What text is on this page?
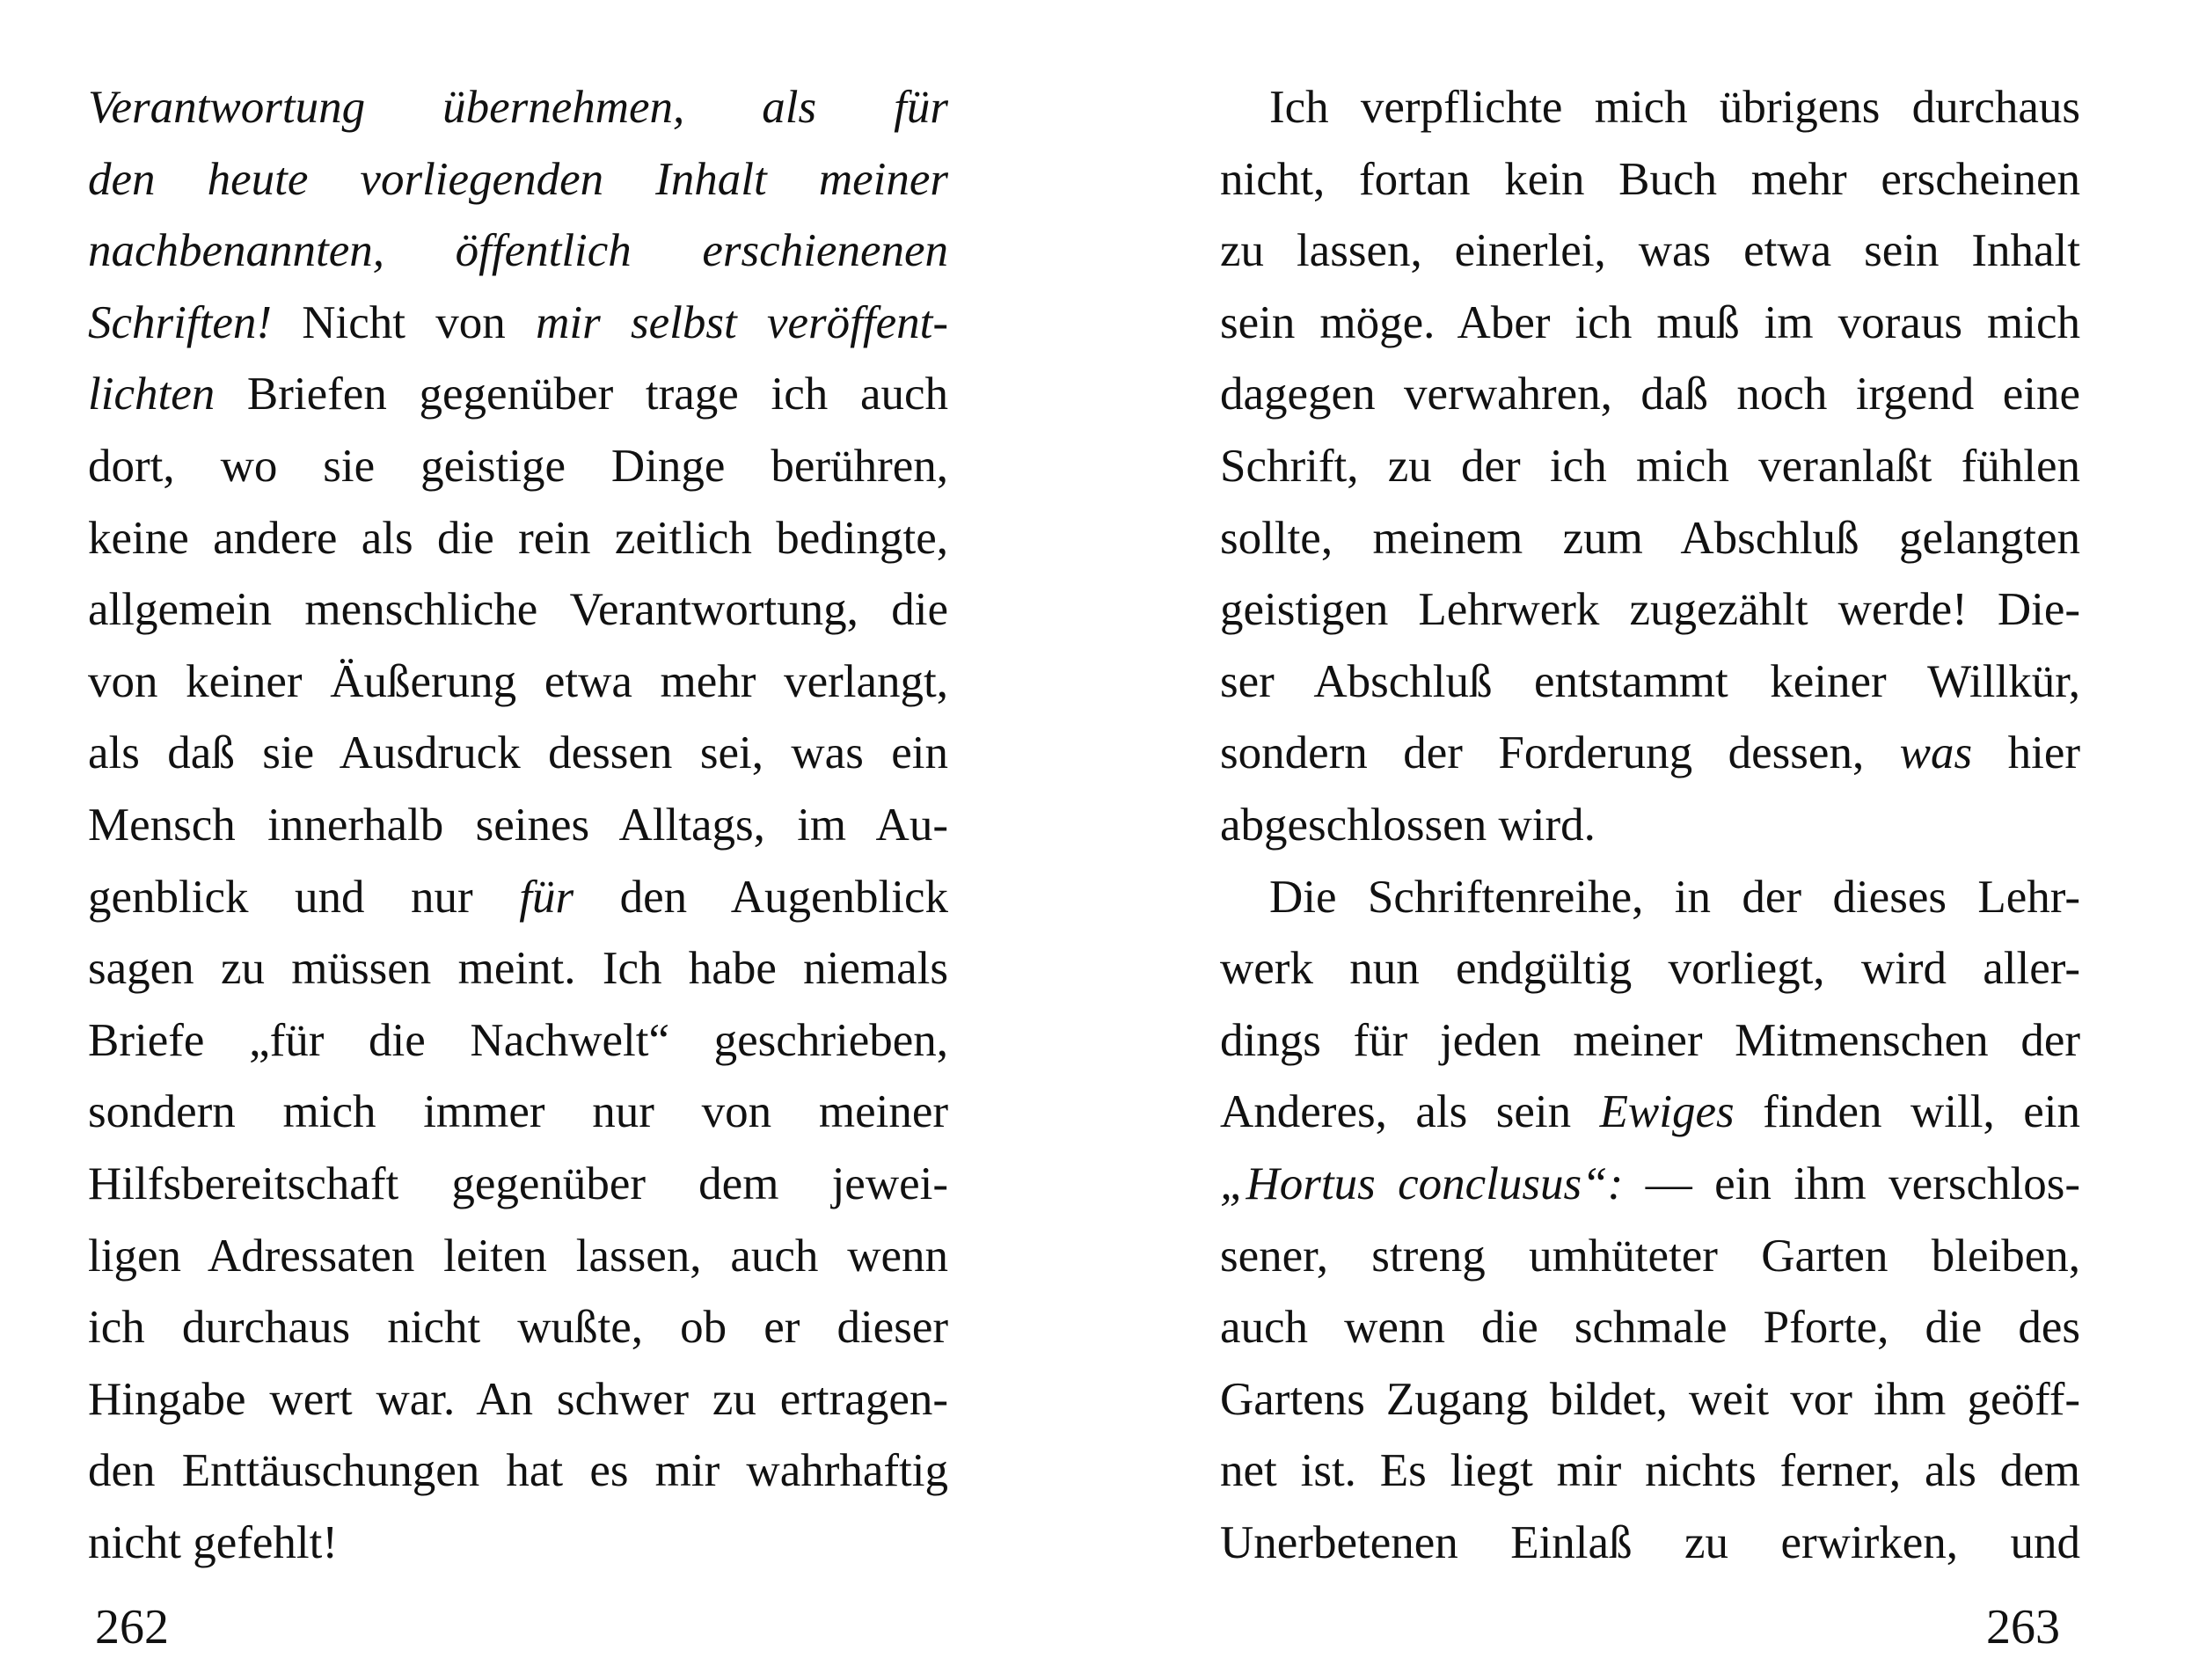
Verantwortung übernehmen, als für
den heute vorliegenden Inhalt meiner
nachbenannten, öffentlich erschienenen
Schriften! Nicht von mir selbst veröffent-
lichten Briefen gegenüber trage ich auch
dort, wo sie geistige Dinge berühren,
keine andere als die rein zeitlich bedingte,
allgemein menschliche Verantwortung, die
von keiner Äußerung etwa mehr verlangt,
als daß sie Ausdruck dessen sei, was ein
Mensch innerhalb seines Alltags, im Au-
genblick und nur für den Augenblick
sagen zu müssen meint. Ich habe niemals
Briefe „für die Nachwelt“ geschrieben,
sondern mich immer nur von meiner
Hilfsbereitschaft gegenüber dem jewei-
ligen Adressaten leiten lassen, auch wenn
ich durchaus nicht wußte, ob er dieser
Hingabe wert war. An schwer zu ertragen-
den Enttäuschungen hat es mir wahrhaftig
nicht gefehlt!
262
Ich verpflichte mich übrigens durchaus
nicht, fortan kein Buch mehr erscheinen
zu lassen, einerlei, was etwa sein Inhalt
sein möge. Aber ich muß im voraus mich
dagegen verwahren, daß noch irgend eine
Schrift, zu der ich mich veranlaßt fühlen
sollte, meinem zum Abschluß gelangten
geistigen Lehrwerk zugezählt werde! Die-
ser Abschluß entstammt keiner Willkür,
sondern der Forderung dessen, was hier
abgeschlossen wird.
Die Schriftenreihe, in der dieses Lehr-
werk nun endgültig vorliegt, wird aller-
dings für jeden meiner Mitmenschen der
Anderes, als sein Ewiges finden will, ein
„Hortus conclusus“: — ein ihm verschlos-
sener, streng umhüteter Garten bleiben,
auch wenn die schmale Pforte, die des
Gartens Zugang bildet, weit vor ihm geöff-
net ist. Es liegt mir nichts ferner, als dem
Unerbetenen Einlaß zu erwirken, und
263
